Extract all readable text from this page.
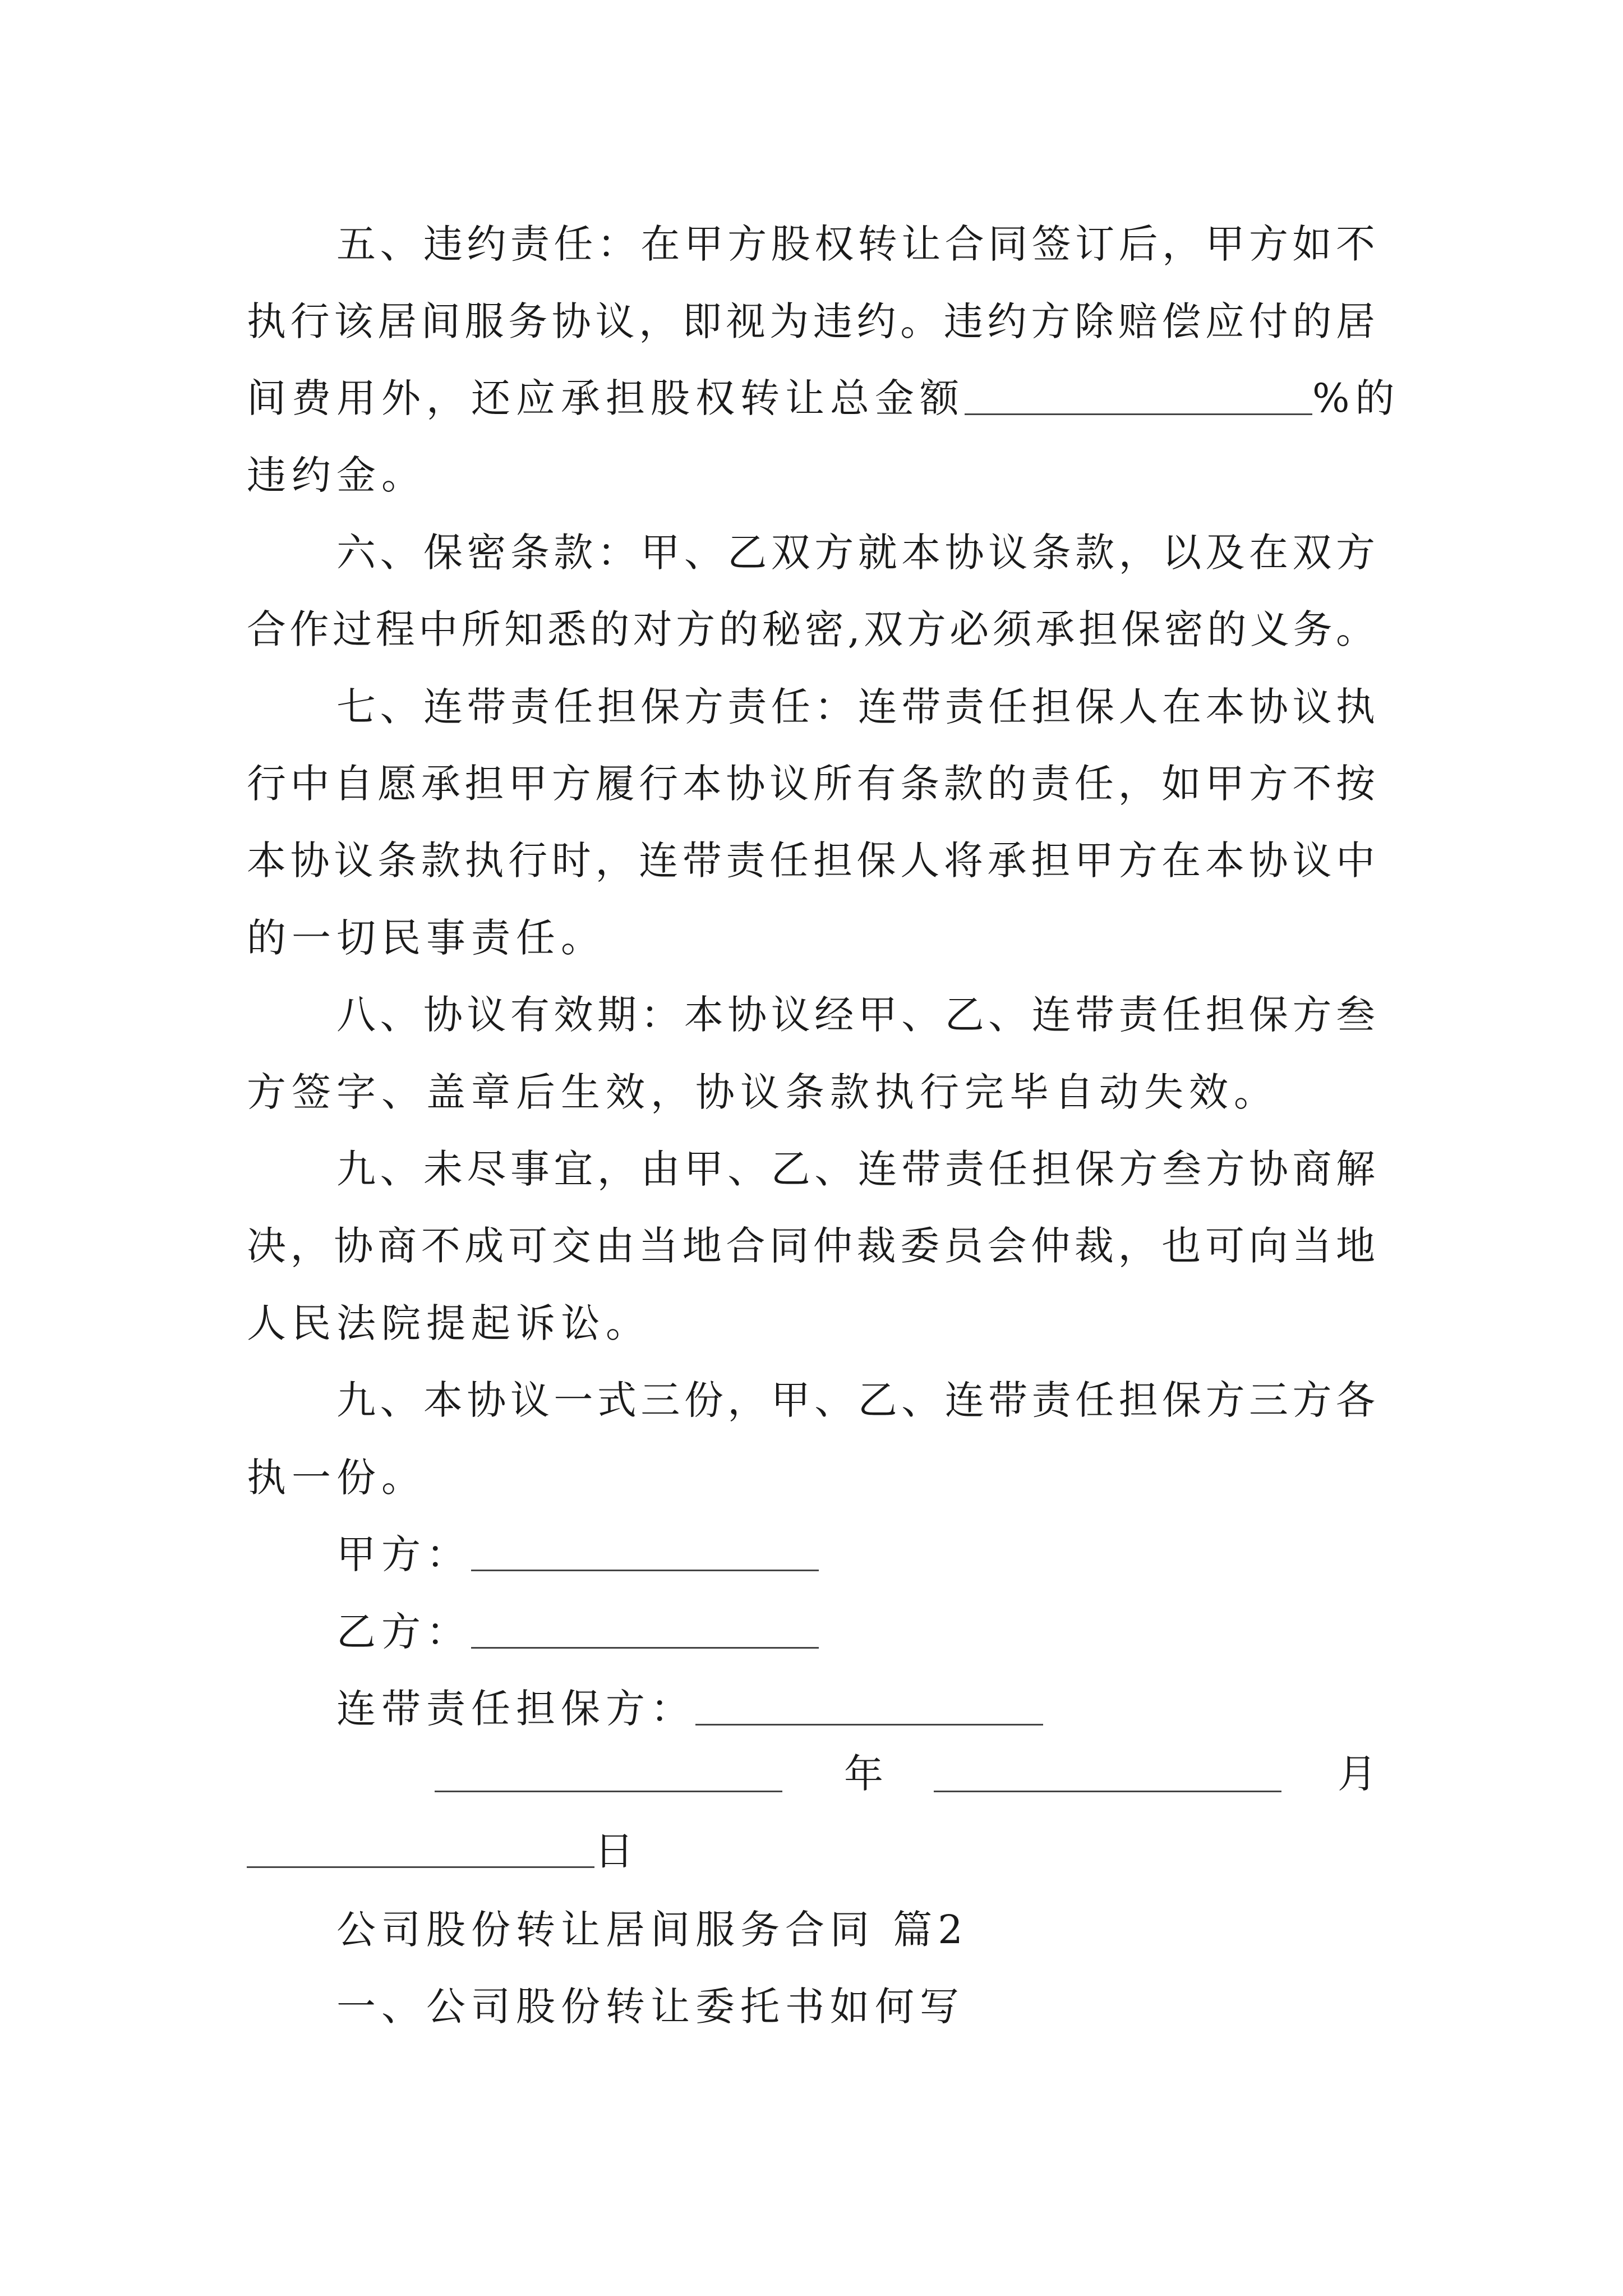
五、违约责任：在甲方股权转让合同签订后，甲方如不
执行该居间服务协议，即视为违约。违约方除赔偿应付的居
间费用外，还应承担股权转让总金额	%的
违约金。
六、保密条款：甲、乙双方就本协议条款，以及在双方
合作过程中所知悉的对方的秘密,双方必须承担保密的义务。
七、连带责任担保方责任：连带责任担保人在本协议执
行中自愿承担甲方履行本协议所有条款的责任，如甲方不按
本协议条款执行时，连带责任担保人将承担甲方在本协议中
的一切民事责任。
八、协议有效期：本协议经甲、乙、连带责任担保方叁
方签字、盖章后生效，协议条款执行完毕自动失效。
九、未尽事宜，由甲、乙、连带责任担保方叁方协商解
决，协商不成可交由当地合同仲裁委员会仲裁，也可向当地
人民法院提起诉讼。
九、本协议一式三份，甲、乙、连带责任担保方三方各
执一份。
甲方：
乙方：
连带责任担保方：
年	月
日
公司股份转让居间服务合同 篇2
一、公司股份转让委托书如何写
